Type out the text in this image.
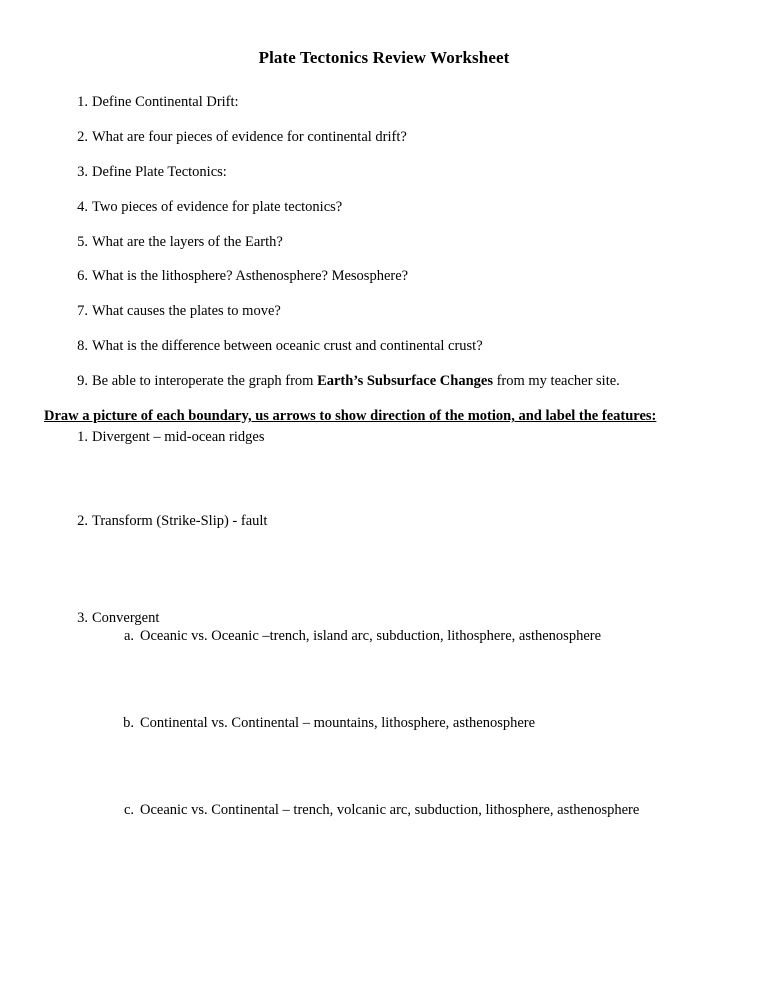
Plate Tectonics Review Worksheet
1. Define Continental Drift:
2. What are four pieces of evidence for continental drift?
3. Define Plate Tectonics:
4. Two pieces of evidence for plate tectonics?
5. What are the layers of the Earth?
6. What is the lithosphere? Asthenosphere? Mesosphere?
7. What causes the plates to move?
8. What is the difference between oceanic crust and continental crust?
9. Be able to interoperate the graph from Earth’s Subsurface Changes from my teacher site.
Draw a picture of each boundary, us arrows to show direction of the motion, and label the features:
1. Divergent – mid-ocean ridges
2. Transform (Strike-Slip) - fault
3. Convergent
a. Oceanic vs. Oceanic –trench, island arc, subduction, lithosphere, asthenosphere
b. Continental vs. Continental – mountains, lithosphere, asthenosphere
c. Oceanic vs. Continental – trench, volcanic arc, subduction, lithosphere, asthenosphere
